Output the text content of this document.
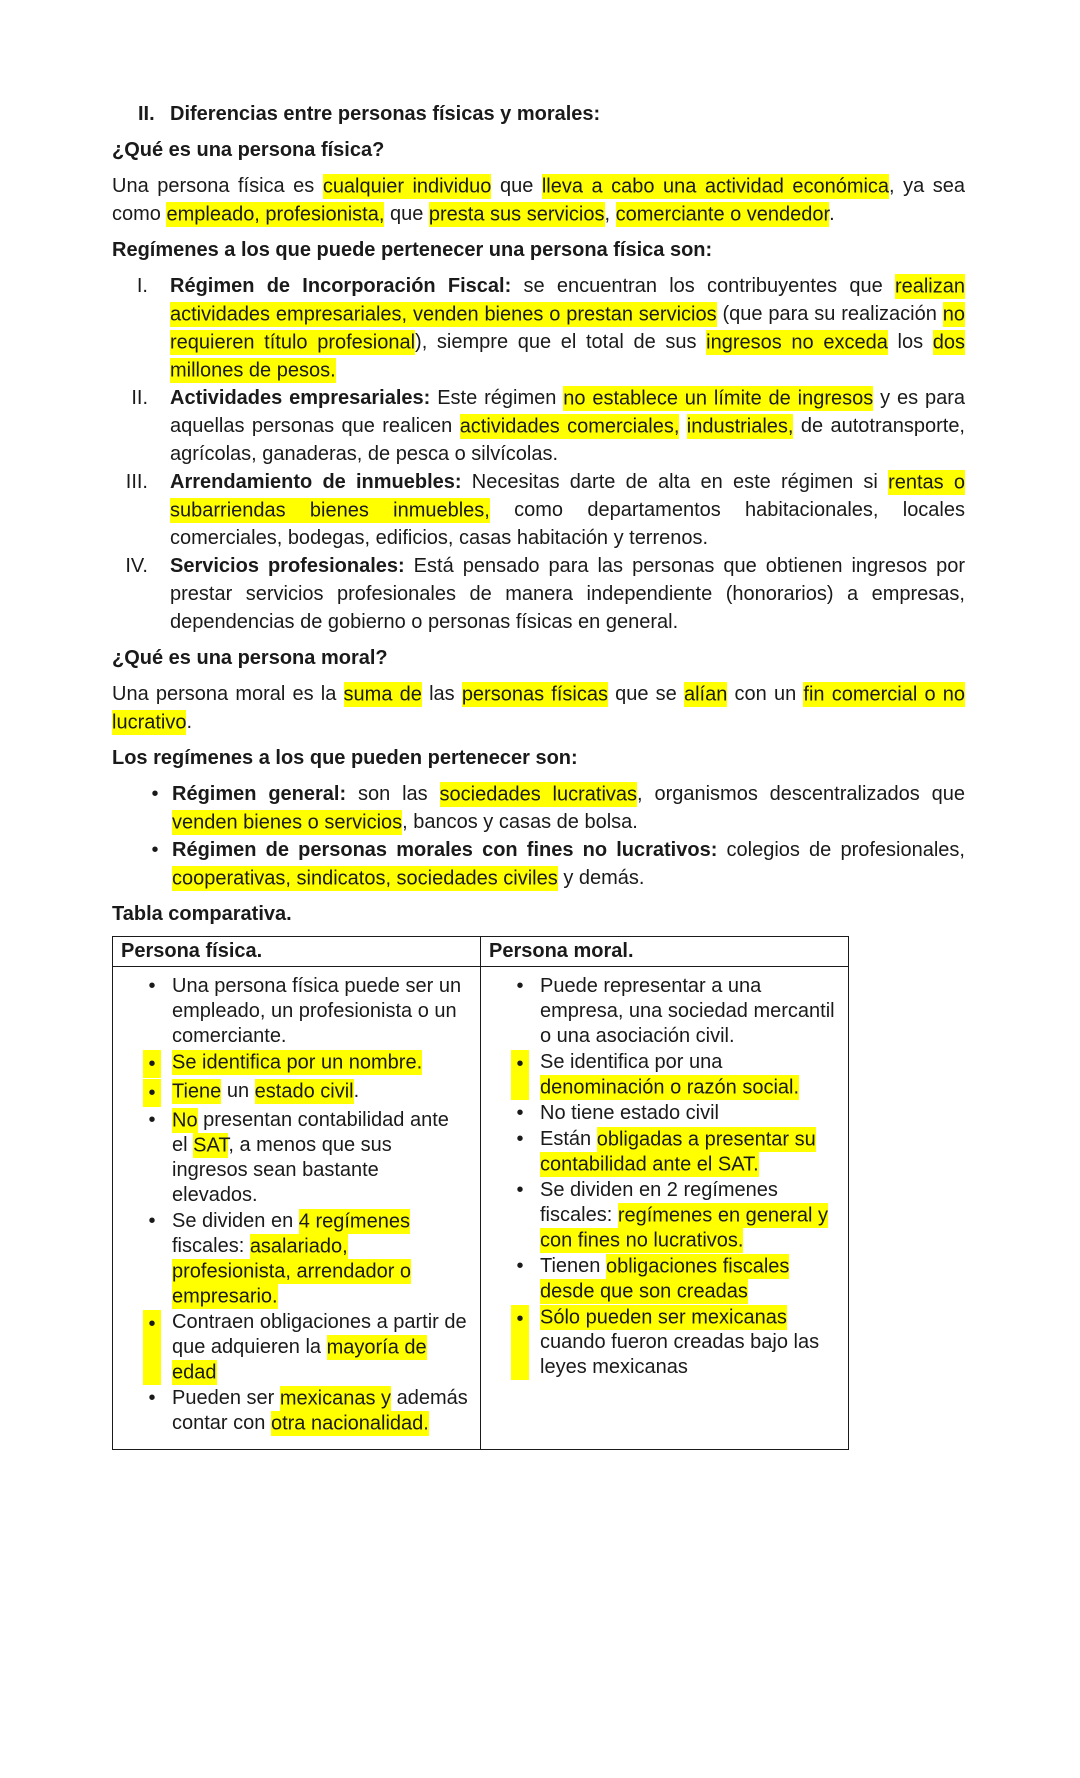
II. Diferencias entre personas físicas y morales:
¿Qué es una persona física?

Una persona física es cualquier individuo que lleva a cabo una actividad económica, ya sea como empleado, profesionista, que presta sus servicios, comerciante o vendedor.

Regímenes a los que puede pertenecer una persona física son:
I. Régimen de Incorporación Fiscal: se encuentran los contribuyentes que realizan actividades empresariales, venden bienes o prestan servicios (que para su realización no requieren título profesional), siempre que el total de sus ingresos no exceda los dos millones de pesos.
II. Actividades empresariales: Este régimen no establece un límite de ingresos y es para aquellas personas que realicen actividades comerciales, industriales, de autotransporte, agrícolas, ganaderas, de pesca o silvícolas.
III. Arrendamiento de inmuebles: Necesitas darte de alta en este régimen si rentas o subarriendas bienes inmuebles, como departamentos habitacionales, locales comerciales, bodegas, edificios, casas habitación y terrenos.
IV. Servicios profesionales: Está pensado para las personas que obtienen ingresos por prestar servicios profesionales de manera independiente (honorarios) a empresas, dependencias de gobierno o personas físicas en general.
¿Qué es una persona moral?

Una persona moral es la suma de las personas físicas que se alían con un fin comercial o no lucrativo.

Los regímenes a los que pueden pertenecer son:
• Régimen general: son las sociedades lucrativas, organismos descentralizados que venden bienes o servicios, bancos y casas de bolsa.
• Régimen de personas morales con fines no lucrativos: colegios de profesionales, cooperativas, sindicatos, sociedades civiles y demás.
Tabla comparativa.
Persona física.	Persona moral.

• Una persona física puede ser un empleado, un profesionista o un comerciante.
• Se identifica por un nombre.
• Tiene un estado civil.
• No presentan contabilidad ante el SAT, a menos que sus ingresos sean bastante elevados.
• Se dividen en 4 regímenes fiscales: asalariado, profesionista, arrendador o empresario.
• Contraen obligaciones a partir de que adquieren la mayoría de edad
• Pueden ser mexicanas y además contar con otra nacionalidad.

• Puede representar a una empresa, una sociedad mercantil o una asociación civil.
• Se identifica por una denominación o razón social.
• No tiene estado civil
• Están obligadas a presentar su contabilidad ante el SAT.
• Se dividen en 2 regímenes fiscales: regímenes en general y con fines no lucrativos.
• Tienen obligaciones fiscales desde que son creadas
• Sólo pueden ser mexicanas cuando fueron creadas bajo las leyes mexicanas
